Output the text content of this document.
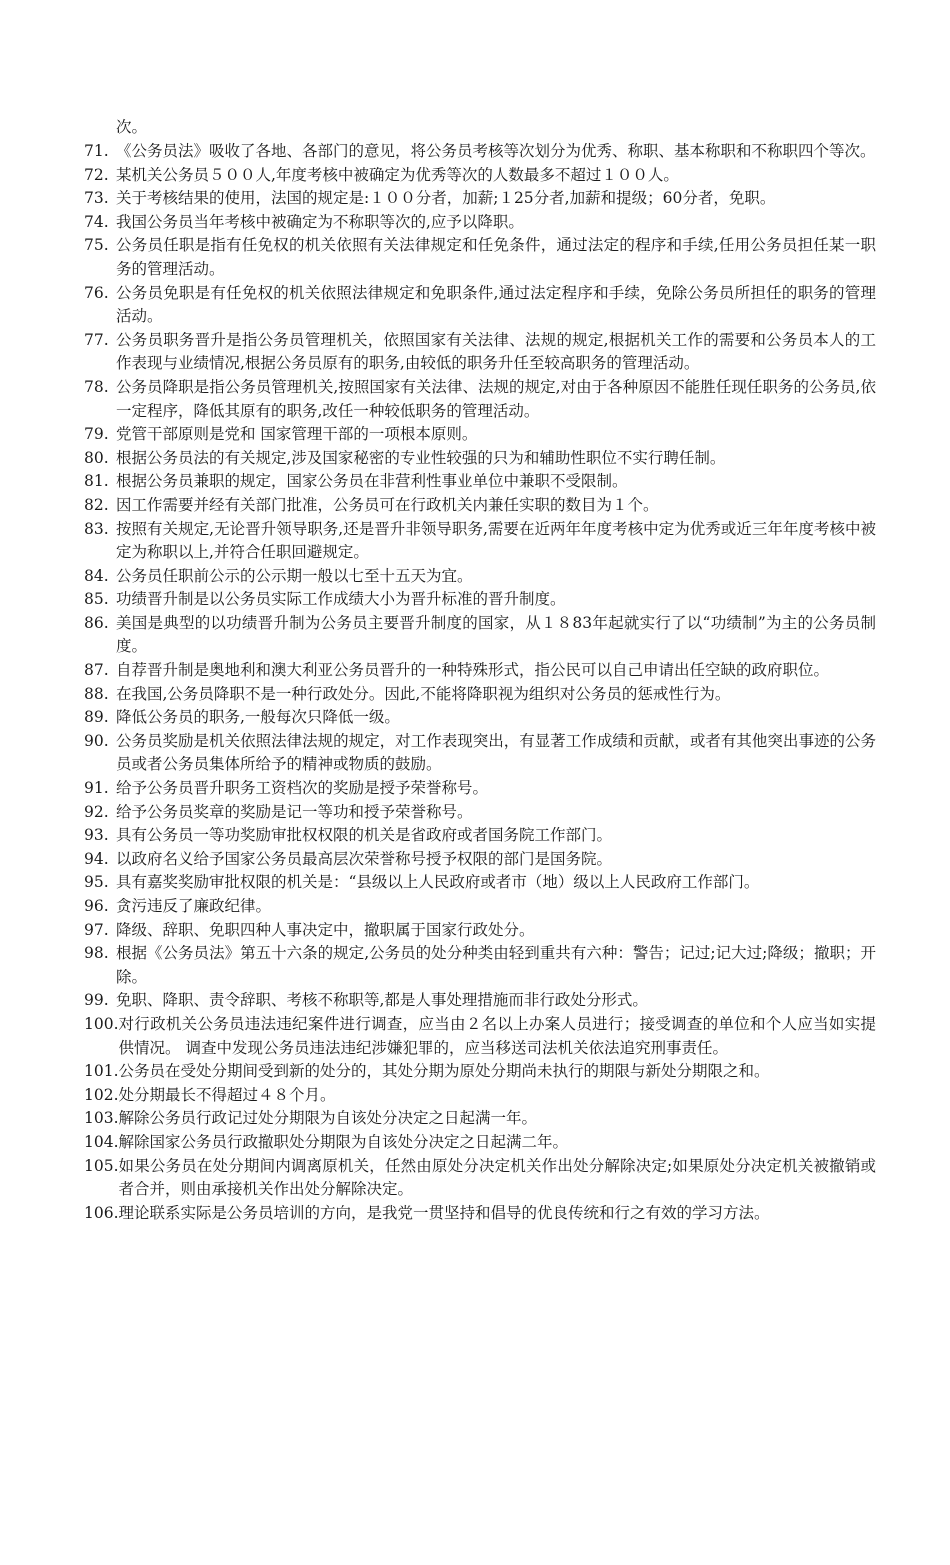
次。
71. 《公务员法》吸收了各地、各部门的意见，将公务员考核等次划分为优秀、称职、基本称职和不称职四个等次。
72. 某机关公务员５００人,年度考核中被确定为优秀等次的人数最多不超过１００人。
73. 关于考核结果的使用，法国的规定是:１００分者，加薪;１25分者,加薪和提级；60分者，免职。
74. 我国公务员当年考核中被确定为不称职等次的,应予以降职。
75. 公务员任职是指有任免权的机关依照有关法律规定和任免条件，通过法定的程序和手续,任用公务员担任某一职务的管理活动。
76. 公务员免职是有任免权的机关依照法律规定和免职条件,通过法定程序和手续，免除公务员所担任的职务的管理活动。
77. 公务员职务晋升是指公务员管理机关，依照国家有关法律、法规的规定,根据机关工作的需要和公务员本人的工作表现与业绩情况,根据公务员原有的职务,由较低的职务升任至较高职务的管理活动。
78. 公务员降职是指公务员管理机关,按照国家有关法律、法规的规定,对由于各种原因不能胜任现任职务的公务员,依一定程序，降低其原有的职务,改任一种较低职务的管理活动。
79. 党管干部原则是党和 国家管理干部的一项根本原则。
80. 根据公务员法的有关规定,涉及国家秘密的专业性较强的只为和辅助性职位不实行聘任制。
81. 根据公务员兼职的规定，国家公务员在非营利性事业单位中兼职不受限制。
82. 因工作需要并经有关部门批准，公务员可在行政机关内兼任实职的数目为１个。
83. 按照有关规定,无论晋升领导职务,还是晋升非领导职务,需要在近两年年度考核中定为优秀或近三年年度考核中被定为称职以上,并符合任职回避规定。
84. 公务员任职前公示的公示期一般以七至十五天为宜。
85. 功绩晋升制是以公务员实际工作成绩大小为晋升标准的晋升制度。
86. 美国是典型的以功绩晋升制为公务员主要晋升制度的国家，从１８83年起就实行了以“功绩制”为主的公务员制度。
87. 自荐晋升制是奥地利和澳大利亚公务员晋升的一种特殊形式，指公民可以自己申请出任空缺的政府职位。
88. 在我国,公务员降职不是一种行政处分。因此,不能将降职视为组织对公务员的惩戒性行为。
89. 降低公务员的职务,一般每次只降低一级。
90. 公务员奖励是机关依照法律法规的规定，对工作表现突出，有显著工作成绩和贡献，或者有其他突出事迹的公务员或者公务员集体所给予的精神或物质的鼓励。
91. 给予公务员晋升职务工资档次的奖励是授予荣誉称号。
92. 给予公务员奖章的奖励是记一等功和授予荣誉称号。
93. 具有公务员一等功奖励审批权权限的机关是省政府或者国务院工作部门。
94. 以政府名义给予国家公务员最高层次荣誉称号授予权限的部门是国务院。
95. 具有嘉奖奖励审批权限的机关是：“县级以上人民政府或者市（地）级以上人民政府工作部门。
96. 贪污违反了廉政纪律。
97. 降级、辞职、免职四种人事决定中，撤职属于国家行政处分。
98. 根据《公务员法》第五十六条的规定,公务员的处分种类由轻到重共有六种：警告；记过;记大过;降级；撤职；开除。
99. 免职、降职、责令辞职、考核不称职等,都是人事处理措施而非行政处分形式。
100. 对行政机关公务员违法违纪案件进行调查，应当由２名以上办案人员进行；接受调查的单位和个人应当如实提供情况。 调查中发现公务员违法违纪涉嫌犯罪的，应当移送司法机关依法追究刑事责任。
101. 公务员在受处分期间受到新的处分的，其处分期为原处分期尚未执行的期限与新处分期限之和。
102. 处分期最长不得超过４８个月。
103. 解除公务员行政记过处分期限为自该处分决定之日起满一年。
104. 解除国家公务员行政撤职处分期限为自该处分决定之日起满二年。
105. 如果公务员在处分期间内调离原机关，任然由原处分决定机关作出处分解除决定;如果原处分决定机关被撤销或者合并，则由承接机关作出处分解除决定。
106. 理论联系实际是公务员培训的方向，是我党一贯坚持和倡导的优良传统和行之有效的学习方法。
